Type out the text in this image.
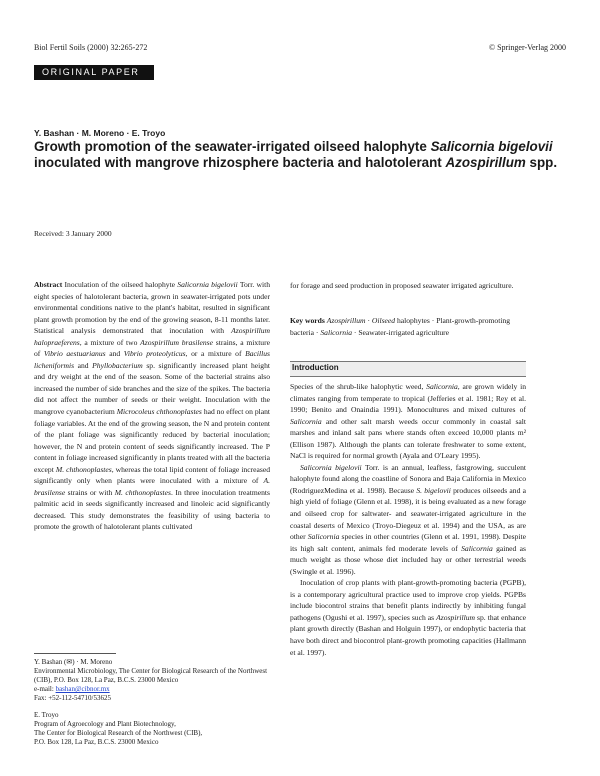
Biol Fertil Soils (2000) 32:265-272	© Springer-Verlag 2000
ORIGINAL PAPER
Y. Bashan · M. Moreno · E. Troyo
Growth promotion of the seawater-irrigated oilseed halophyte Salicornia bigelovii inoculated with mangrove rhizosphere bacteria and halotolerant Azospirillum spp.
Received: 3 January 2000
Abstract Inoculation of the oilseed halophyte Salicornia bigelovii Torr. with eight species of halotolerant bacteria, grown in seawater-irrigated pots under environmental conditions native to the plant's habitat, resulted in significant plant growth promotion by the end of the growing season, 8-11 months later. Statistical analysis demonstrated that inoculation with Azospirillum halopraeferens, a mixture of two Azospirillum brasilense strains, a mixture of Vibrio aestuarianus and Vibrio proteolyticus, or a mixture of Bacillus licheniformis and Phyllobacterium sp. significantly increased plant height and dry weight at the end of the season. Some of the bacterial strains also increased the number of side branches and the size of the spikes. The bacteria did not affect the number of seeds or their weight. Inoculation with the mangrove cyanobacterium Microcoleus chthonoplastes had no effect on plant foliage variables. At the end of the growing season, the N and protein content of the plant foliage was significantly reduced by bacterial inoculation; however, the N and protein content of seeds significantly increased. The P content in foliage increased significantly in plants treated with all the bacteria except M. chthonoplastes, whereas the total lipid content of foliage increased significantly only when plants were inoculated with a mixture of A. brasilense strains or with M. chthonoplastes. In three inoculation treatments palmitic acid in seeds significantly increased and linoleic acid significantly decreased. This study demonstrates the feasibility of using bacteria to promote the growth of halotolerant plants cultivated
for forage and seed production in proposed seawater irrigated agriculture.
Key words Azospirillum · Oilseed halophytes · Plant-growth-promoting bacteria · Salicornia · Seawater-irrigated agriculture
Introduction

Species of the shrub-like halophytic weed, Salicornia, are grown widely in climates ranging from temperate to tropical (Jefferies et al. 1981; Rey et al. 1990; Benito and Onaindia 1991). Monocultures and mixed cultures of Salicornia and other salt marsh weeds occur commonly in coastal salt marshes and inland salt pans where stands often exceed 10,000 plants m² (Ellison 1987). Although the plants can tolerate freshwater to some extent, NaCl is required for normal growth (Ayala and O'Leary 1995).

Salicornia bigelovii Torr. is an annual, leafless, fastgrowing, succulent halophyte found along the coastline of Sonora and Baja California in Mexico (RodriguezMedina et al. 1998). Because S. bigelovii produces oilseeds and a high yield of foliage (Glenn et al. 1998), it is being evaluated as a new forage and oilseed crop for saltwater- and seawater-irrigated agriculture in the coastal deserts of Mexico (Troyo-Diegeuz et al. 1994) and the USA, as are other Salicornia species in other countries (Glenn et al. 1991, 1998). Despite its high salt content, animals fed moderate levels of Salicornia gained as much weight as those whose diet included hay or other terrestrial weeds (Swingle et al. 1996).

Inoculation of crop plants with plant-growth-promoting bacteria (PGPB), is a contemporary agricultural practice used to improve crop yields. PGPBs include biocontrol strains that benefit plants indirectly by inhibiting fungal pathogens (Ogushi et al. 1997), species such as Azospirillum sp. that enhance plant growth directly (Bashan and Holguin 1997), or endophytic bacteria that have both direct and biocontrol plant-growth promoting capacities (Hallmann et al. 1997).

Y. Bashan (✉) · M. Moreno
Environmental Microbiology, The Center for Biological Research of the Northwest (CIB), P.O. Box 128, La Paz, B.C.S. 23000 Mexico
e-mail: bashan@cibnor.mx
Fax: +52-112-54710/53625
E. Troyo
Program of Agroecology and Plant Biotechnology,
The Center for Biological Research of the Northwest (CIB),
P.O. Box 128, La Paz, B.C.S. 23000 Mexico
